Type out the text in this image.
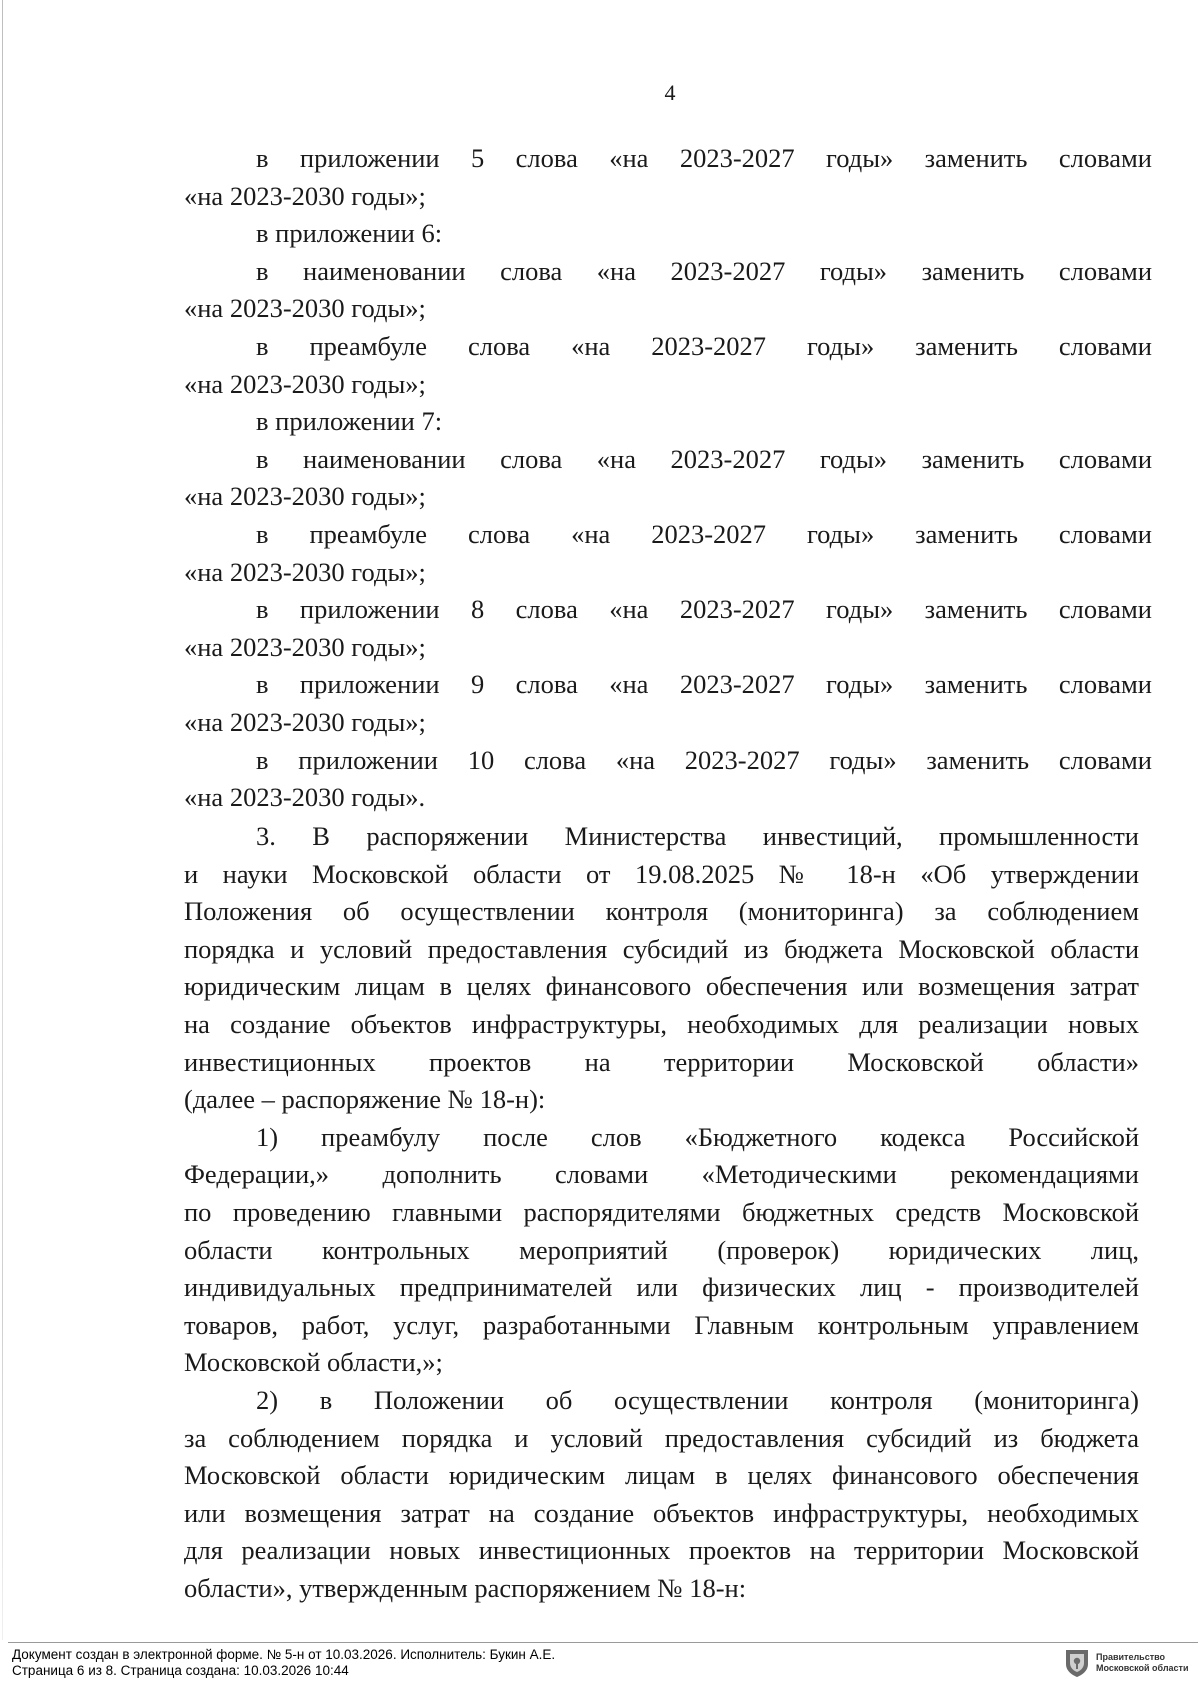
4
в приложении 5 слова «на 2023-2027 годы» заменить словами
«на 2023-2030 годы»;
в приложении 6:
в наименовании слова «на 2023-2027 годы» заменить словами
«на 2023-2030 годы»;
в преамбуле слова «на 2023-2027 годы» заменить словами
«на 2023-2030 годы»;
в приложении 7:
в наименовании слова «на 2023-2027 годы» заменить словами
«на 2023-2030 годы»;
в преамбуле слова «на 2023-2027 годы» заменить словами
«на 2023-2030 годы»;
в приложении 8 слова «на 2023-2027 годы» заменить словами
«на 2023-2030 годы»;
в приложении 9 слова «на 2023-2027 годы» заменить словами
«на 2023-2030 годы»;
в приложении 10 слова «на 2023-2027 годы» заменить словами
«на 2023-2030 годы».

3. В распоряжении Министерства инвестиций, промышленности
и науки Московской области от 19.08.2025 № 18-н «Об утверждении
Положения об осуществлении контроля (мониторинга) за соблюдением
порядка и условий предоставления субсидий из бюджета Московской области
юридическим лицам в целях финансового обеспечения или возмещения затрат
на создание объектов инфраструктуры, необходимых для реализации новых
инвестиционных проектов на территории Московской области»
(далее – распоряжение № 18-н):

1) преамбулу после слов «Бюджетного кодекса Российской
Федерации,» дополнить словами «Методическими рекомендациями
по проведению главными распорядителями бюджетных средств Московской
области контрольных мероприятий (проверок) юридических лиц,
индивидуальных предпринимателей или физических лиц - производителей
товаров, работ, услуг, разработанными Главным контрольным управлением
Московской области,»;

2) в Положении об осуществлении контроля (мониторинга)
за соблюдением порядка и условий предоставления субсидий из бюджета
Московской области юридическим лицам в целях финансового обеспечения
или возмещения затрат на создание объектов инфраструктуры, необходимых
для реализации новых инвестиционных проектов на территории Московской
области», утвержденным распоряжением № 18-н:

Документ создан в электронной форме. № 5-н от 10.03.2026. Исполнитель: Букин А.Е.
Страница 6 из 8. Страница создана: 10.03.2026 10:44
Правительство
Московской области
